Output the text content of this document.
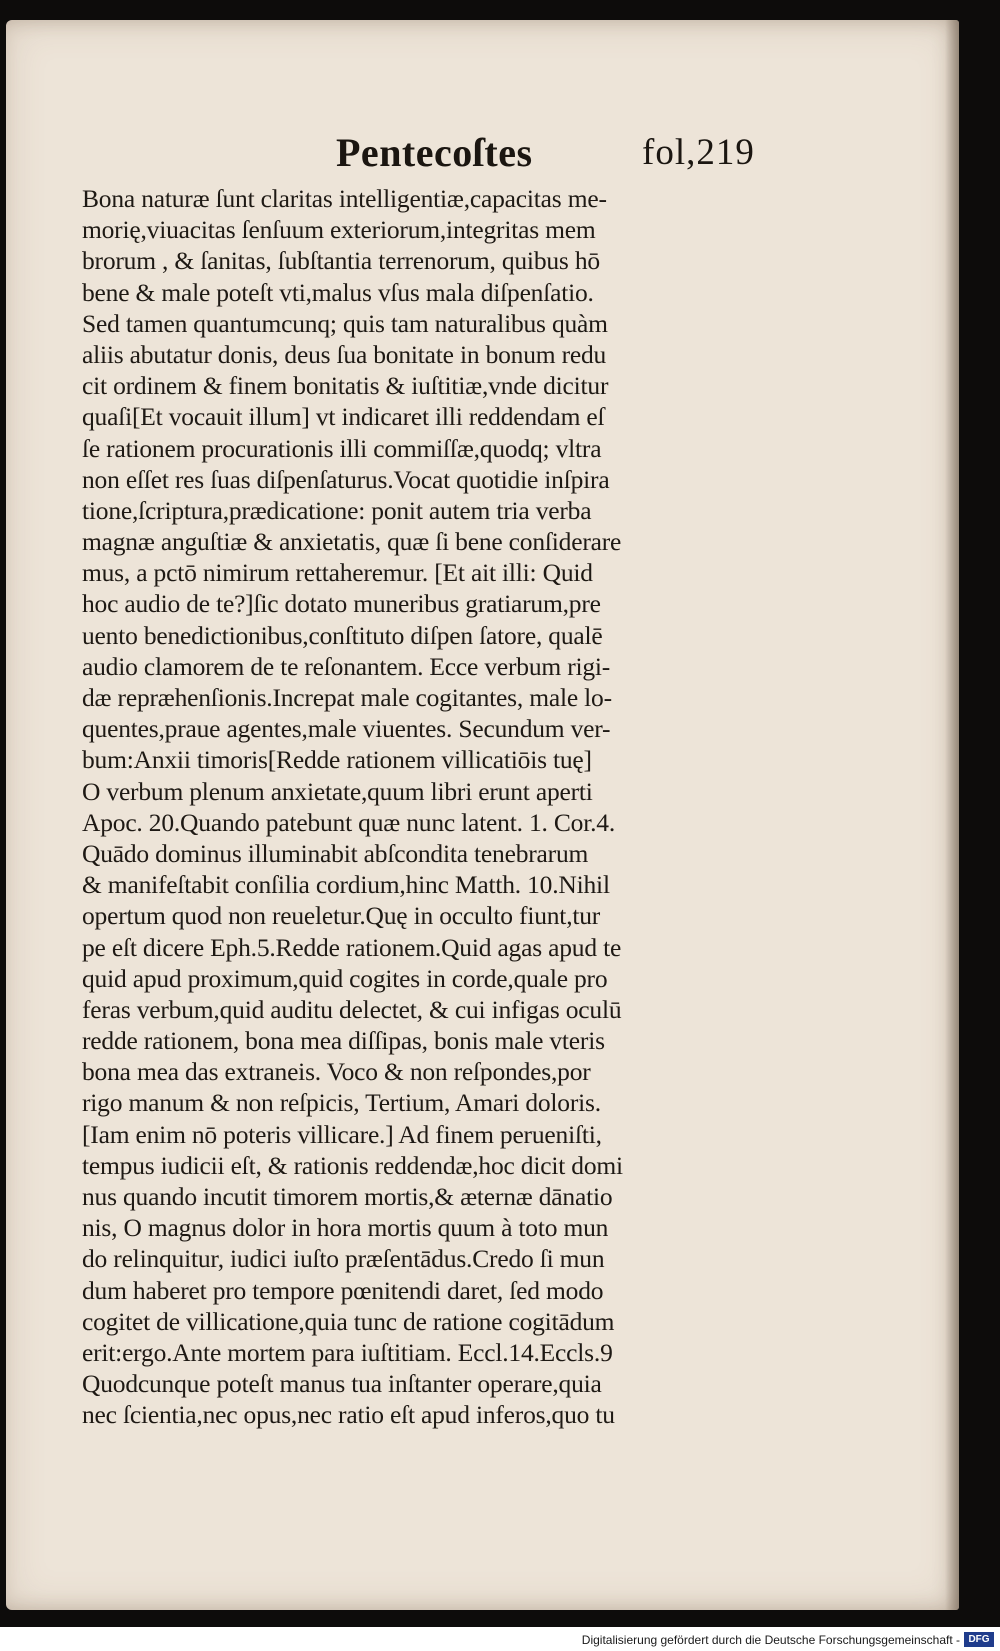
Pentecoſtes	fol,219
Bona naturæ ſunt claritas intelligentiæ,capacitas me-
morię,viuacitas ſenſuum exteriorum,integritas mem
brorum , & ſanitas, ſubſtantia terrenorum, quibus hō
bene & male poteſt vti,malus vſus mala diſpenſatio.
Sed tamen quantumcunq; quis tam naturalibus quàm
aliis abutatur donis, deus ſua bonitate in bonum redu
cit ordinem & finem bonitatis & iuſtitiæ,vnde dicitur
quaſi[Et vocauit illum] vt indicaret illi reddendam eſ
ſe rationem procurationis illi commiſſæ,quodq; vltra
non eſſet res ſuas diſpenſaturus.Vocat quotidie inſpira
tione,ſcriptura,prædicatione: ponit autem tria verba
magnæ anguſtiæ & anxietatis, quæ ſi bene conſiderare
mus, a pctō nimirum rettaheremur. [Et ait illi: Quid
hoc audio de te?]ſic dotato muneribus gratiarum,pre
uento benedictionibus,conſtituto diſpen ſatore, qualē
audio clamorem de te reſonantem. Ecce verbum rigi-
dæ repræhenſionis.Increpat male cogitantes, male lo-
quentes,praue agentes,male viuentes. Secundum ver-
bum:Anxii timoris[Redde rationem villicatiōis tuę]
O verbum plenum anxietate,quum libri erunt aperti
Apoc. 20.Quando patebunt quæ nunc latent. 1. Cor.4.
Quādo dominus illuminabit abſcondita tenebrarum
& manifeſtabit conſilia cordium,hinc Matth. 10.Nihil
opertum quod non reueletur.Quę in occulto fiunt,tur
pe eſt dicere Eph.5.Redde rationem.Quid agas apud te
quid apud proximum,quid cogites in corde,quale pro
feras verbum,quid auditu delectet, & cui infigas oculū
redde rationem, bona mea diſſipas, bonis male vteris
bona mea das extraneis. Voco & non reſpondes,por
rigo manum & non reſpicis, Tertium, Amari doloris.
[Iam enim nō poteris villicare.] Ad finem perueniſti,
tempus iudicii eſt, & rationis reddendæ,hoc dicit domi
nus quando incutit timorem mortis,& æternæ dānatio
nis, O magnus dolor in hora mortis quum à toto mun
do relinquitur, iudici iuſto præſentādus.Credo ſi mun
dum haberet pro tempore pœnitendi daret, ſed modo
cogitet de villicatione,quia tunc de ratione cogitādum
erit:ergo.Ante mortem para iuſtitiam. Eccl.14.Eccls.9
Quodcunque poteſt manus tua inſtanter operare,quia
nec ſcientia,nec opus,nec ratio eſt apud inferos,quo tu
Digitalisierung gefördert durch die Deutsche Forschungsgemeinschaft - DFG
